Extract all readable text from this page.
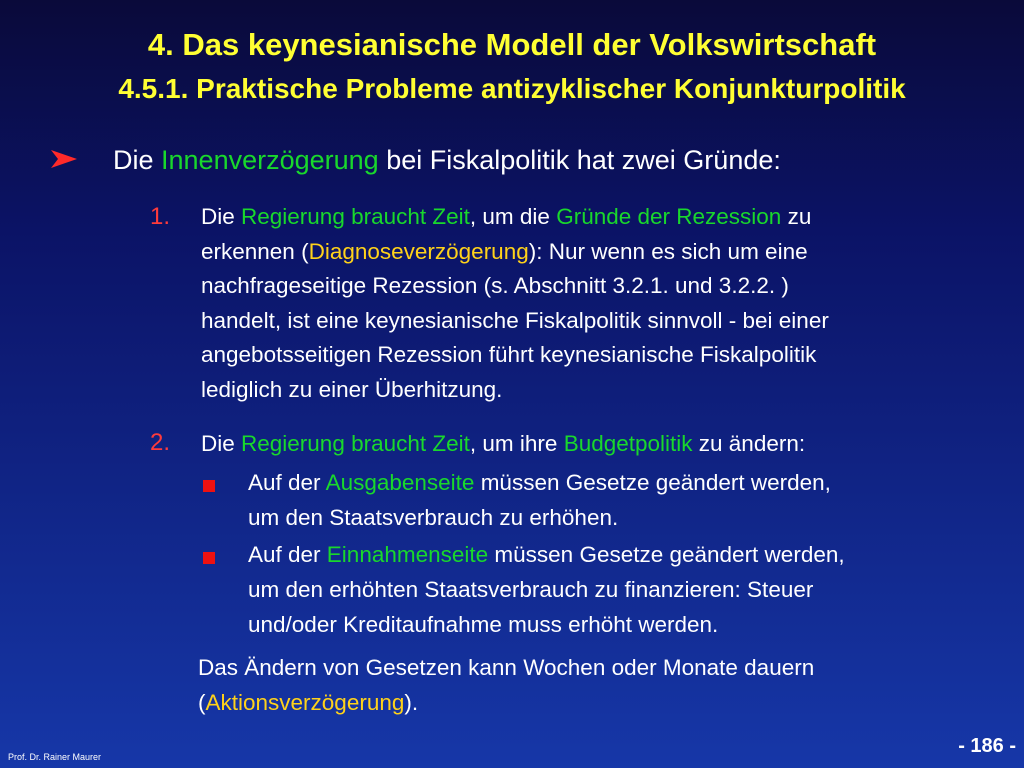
4. Das keynesianische Modell der Volkswirtschaft
4.5.1. Praktische Probleme antizyklischer Konjunkturpolitik
Die Innenverzögerung bei Fiskalpolitik hat zwei Gründe:
1. Die Regierung braucht Zeit, um die Gründe der Rezession zu
erkennen (Diagnoseverzögerung): Nur wenn es sich um eine
nachfrageseitige Rezession (s. Abschnitt 3.2.1. und 3.2.2. )
handelt, ist eine keynesianische Fiskalpolitik sinnvoll - bei einer
angebotsseitigen Rezession führt keynesianische Fiskalpolitik
lediglich zu einer Überhitzung.
2. Die Regierung braucht Zeit, um ihre Budgetpolitik zu ändern:
Auf der Ausgabenseite müssen Gesetze geändert werden,
um den Staatsverbrauch zu erhöhen.
Auf der Einnahmenseite müssen Gesetze geändert werden,
um den erhöhten Staatsverbrauch zu finanzieren: Steuer
und/oder Kreditaufnahme muss erhöht werden.
Das Ändern von Gesetzen kann Wochen oder Monate dauern
(Aktionsverzögerung).
Prof. Dr. Rainer Maurer	- 186 -
